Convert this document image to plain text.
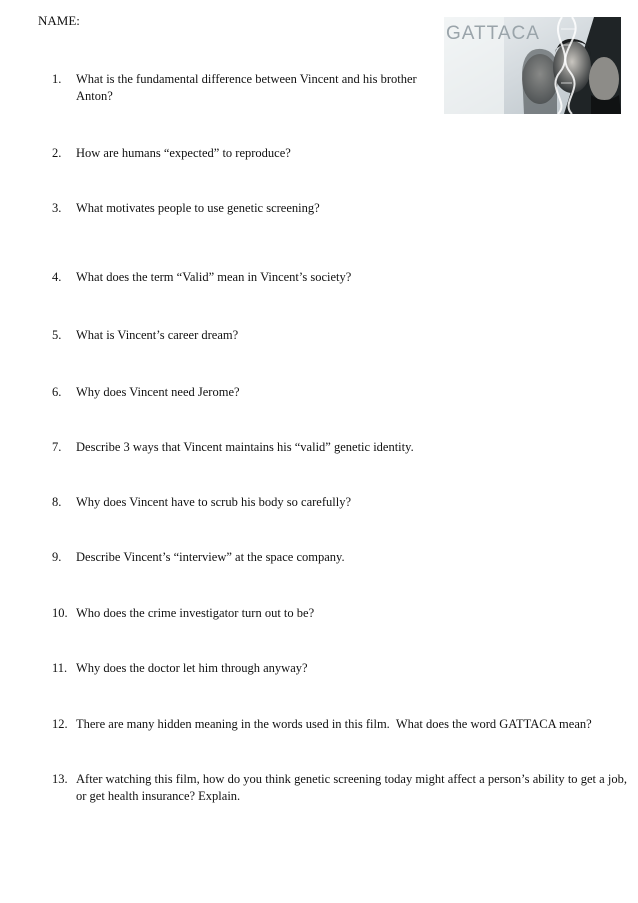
NAME:
GATTACA
1.	What is the fundamental difference between Vincent and his brother Anton?
2.	How are humans “expected” to reproduce?
3.	What motivates people to use genetic screening?
4.	What does the term “Valid” mean in Vincent’s society?
5.	What is Vincent’s career dream?
6.	Why does Vincent need Jerome?
7.	Describe 3 ways that Vincent maintains his “valid” genetic identity.
8.	Why does Vincent have to scrub his body so carefully?
9.	Describe Vincent’s “interview” at the space company.
10. Who does the crime investigator turn out to be?
11. Why does the doctor let him through anyway?
12. There are many hidden meaning in the words used in this film.  What does the word GATTACA mean?
13. After watching this film, how do you think genetic screening today might affect a person’s ability to get a job, or get health insurance? Explain.
